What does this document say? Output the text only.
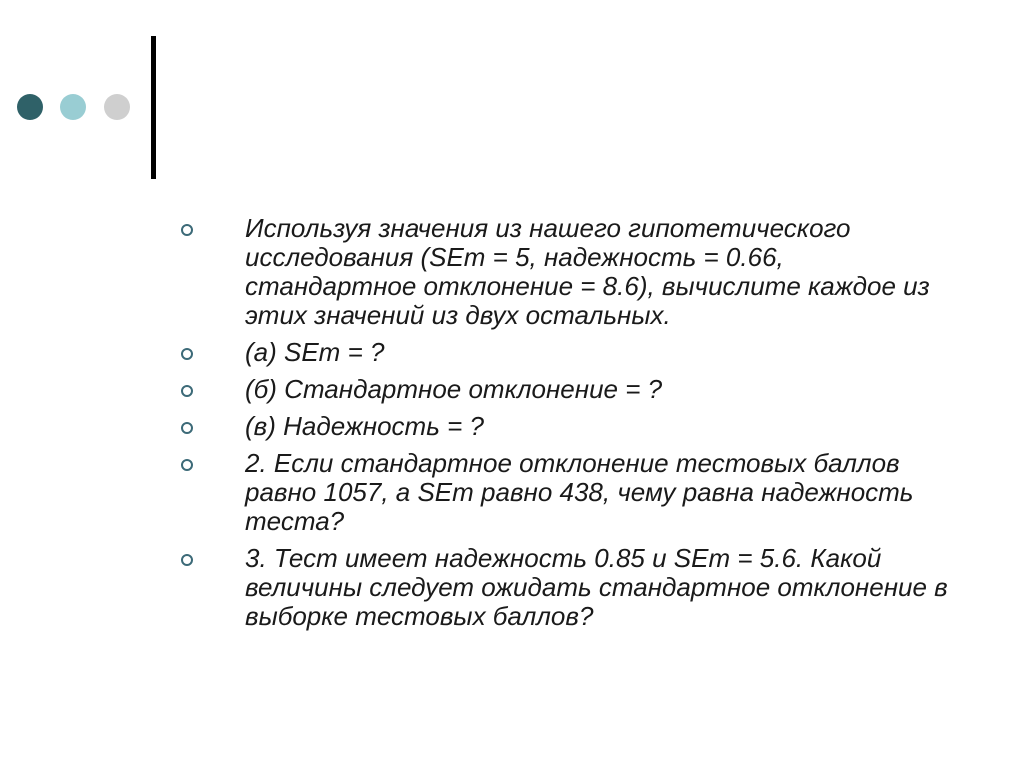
Используя значения из нашего гипотетического исследования (SEm = 5, надежность = 0.66, стандартное отклонение = 8.6), вычислите каждое из этих значений из двух остальных.
(а) SEm = ?
(б) Стандартное отклонение = ?
(в) Надежность = ?
2. Если стандартное отклонение тестовых баллов равно 1057, а SEm равно 438, чему равна надежность теста?
3. Тест имеет надежность 0.85 и SEm = 5.6. Какой величины следует ожидать стандартное отклонение в выборке тестовых баллов?
